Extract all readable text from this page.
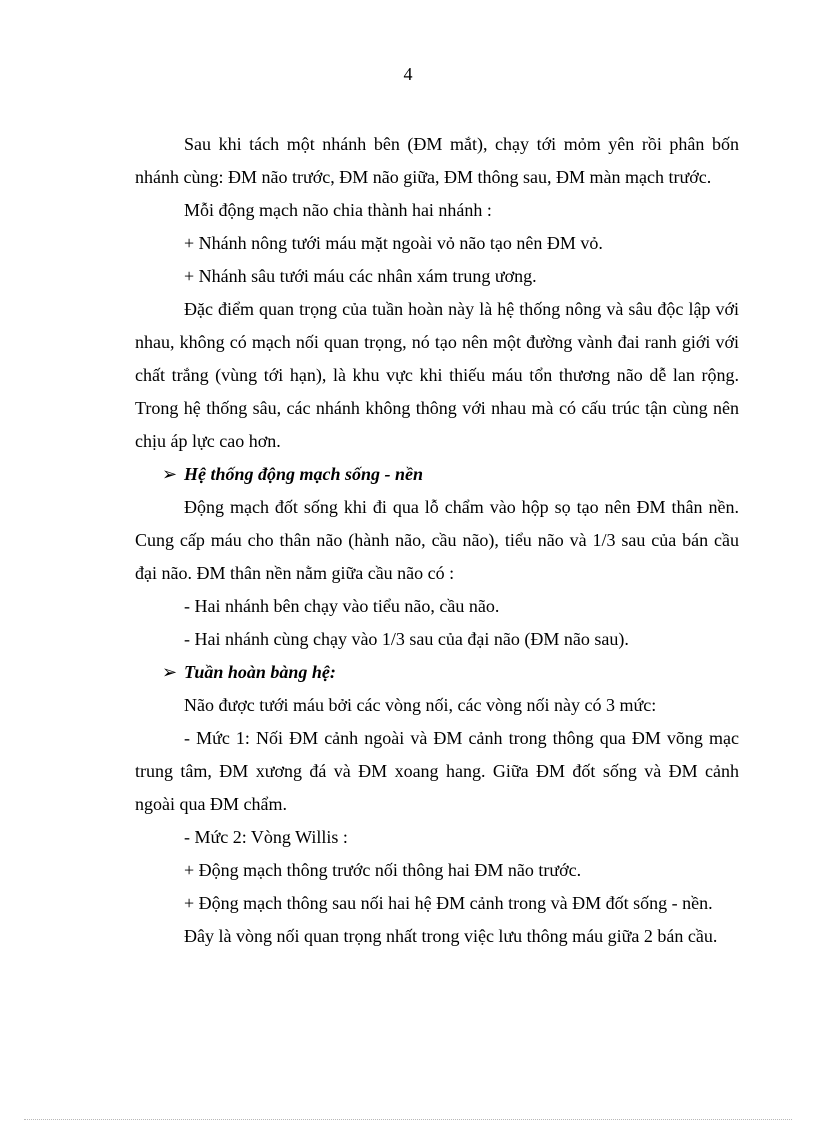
4

Sau khi tách một nhánh bên (ĐM mắt), chạy tới mỏm yên rồi phân bốn nhánh cùng: ĐM não trước, ĐM não giữa, ĐM thông sau, ĐM màn mạch trước.

Mỗi động mạch não chia thành hai nhánh :

+ Nhánh nông tưới máu mặt ngoài vỏ não tạo nên ĐM vỏ.

+ Nhánh sâu tưới máu các nhân xám trung ương.

Đặc điểm quan trọng của tuần hoàn này là hệ thống nông và sâu độc lập với nhau, không có mạch nối quan trọng, nó tạo nên một đường vành đai ranh giới với chất trắng (vùng tới hạn), là khu vực khi thiếu máu tổn thương não dễ lan rộng. Trong hệ thống sâu, các nhánh không thông với nhau mà có cấu trúc tận cùng nên chịu áp lực cao hơn.

➢ Hệ thống động mạch sống - nền

Động mạch đốt sống khi đi qua lỗ chẩm vào hộp sọ tạo nên ĐM thân nền. Cung cấp máu cho thân não (hành não, cầu não), tiểu não và 1/3 sau của bán cầu đại não. ĐM thân nền nằm giữa cầu não có :

- Hai nhánh bên chạy vào tiểu não, cầu não.

- Hai nhánh cùng chạy vào 1/3 sau của đại não (ĐM não sau).

➢ Tuần hoàn bàng hệ:

Não được tưới máu bởi các vòng nối, các vòng nối này có 3 mức:

- Mức 1: Nối ĐM cảnh ngoài và ĐM cảnh trong thông qua ĐM võng mạc trung tâm, ĐM xương đá và ĐM xoang hang. Giữa ĐM đốt sống và ĐM cảnh ngoài qua ĐM chẩm.

- Mức 2: Vòng Willis :

+ Động mạch thông trước nối thông hai ĐM não trước.

+ Động mạch thông sau nối hai hệ ĐM cảnh trong và ĐM đốt sống - nền.

Đây là vòng nối quan trọng nhất trong việc lưu thông máu giữa 2 bán cầu.
